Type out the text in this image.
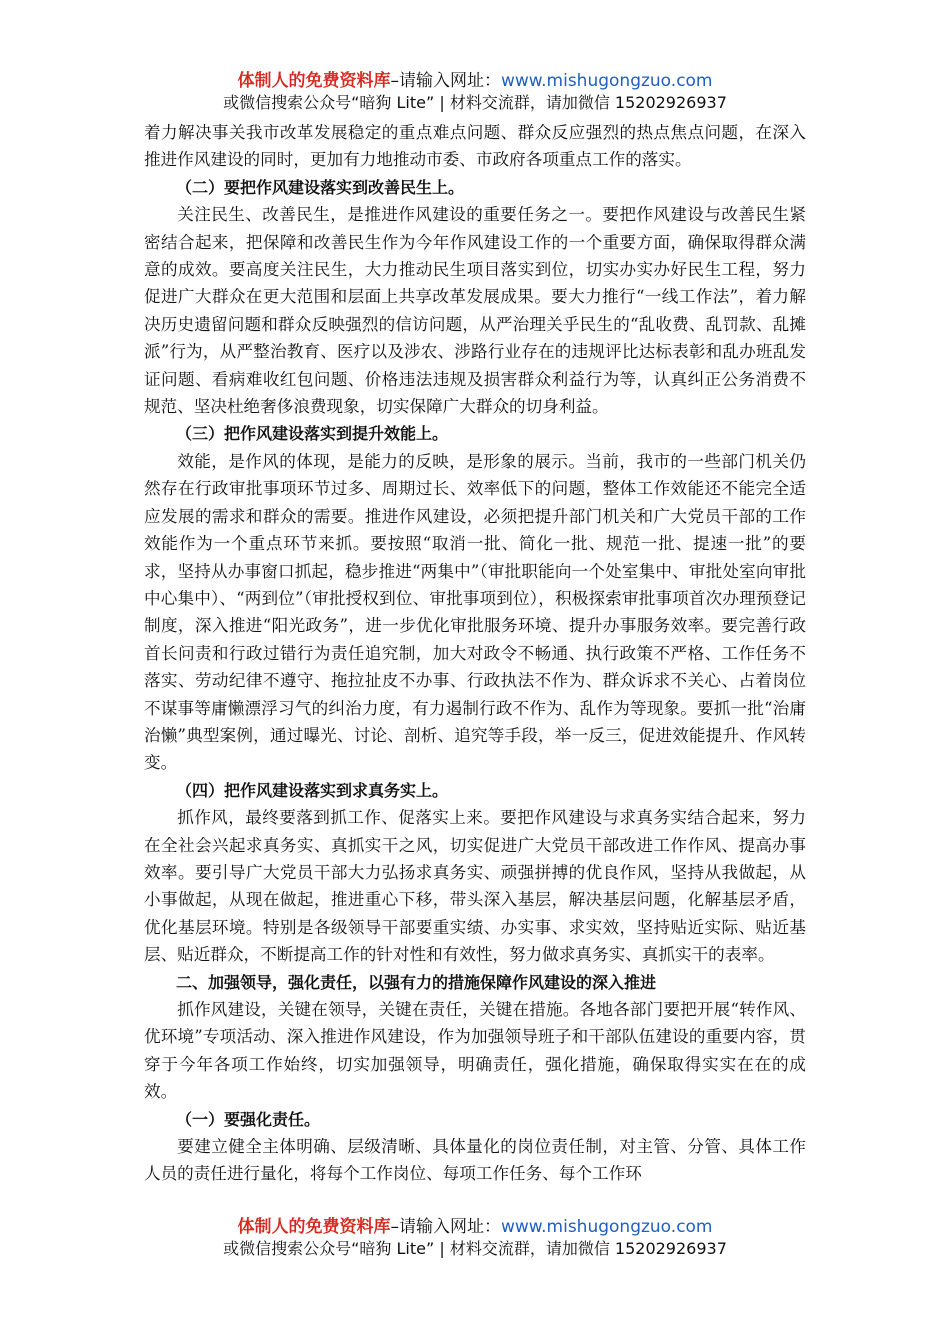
体制人的免费资料库–请输入网址：www.mishugongzuo.com
或微信搜索公众号“暗狗 Lite” | 材料交流群，请加微信 15202926937

着力解决事关我市改革发展稳定的重点难点问题、群众反应强烈的热点焦点问题，在深入推进作风建设的同时，更加有力地推动市委、市政府各项重点工作的落实。

（二）要把作风建设落实到改善民生上。

关注民生、改善民生，是推进作风建设的重要任务之一。要把作风建设与改善民生紧密结合起来，把保障和改善民生作为今年作风建设工作的一个重要方面，确保取得群众满意的成效。要高度关注民生，大力推动民生项目落实到位，切实办实办好民生工程，努力促进广大群众在更大范围和层面上共享改革发展成果。要大力推行“一线工作法”，着力解决历史遗留问题和群众反映强烈的信访问题，从严治理关乎民生的“乱收费、乱罚款、乱摊派”行为，从严整治教育、医疗以及涉农、涉路行业存在的违规评比达标表彰和乱办班乱发证问题、看病难收红包问题、价格违法违规及损害群众利益行为等，认真纠正公务消费不规范、坚决杜绝奢侈浪费现象，切实保障广大群众的切身利益。

（三）把作风建设落实到提升效能上。

效能，是作风的体现，是能力的反映，是形象的展示。当前，我市的一些部门机关仍然存在行政审批事项环节过多、周期过长、效率低下的问题，整体工作效能还不能完全适应发展的需求和群众的需要。推进作风建设，必须把提升部门机关和广大党员干部的工作效能作为一个重点环节来抓。要按照“取消一批、简化一批、规范一批、提速一批”的要求，坚持从办事窗口抓起，稳步推进“两集中”（审批职能向一个处室集中、审批处室向审批中心集中）、“两到位”（审批授权到位、审批事项到位），积极探索审批事项首次办理预登记制度，深入推进“阳光政务”，进一步优化审批服务环境、提升办事服务效率。要完善行政首长问责和行政过错行为责任追究制，加大对政令不畅通、执行政策不严格、工作任务不落实、劳动纪律不遵守、拖拉扯皮不办事、行政执法不作为、群众诉求不关心、占着岗位不谋事等庸懒漂浮习气的纠治力度，有力遏制行政不作为、乱作为等现象。要抓一批“治庸治懒”典型案例，通过曝光、讨论、剖析、追究等手段，举一反三，促进效能提升、作风转变。

（四）把作风建设落实到求真务实上。

抓作风，最终要落到抓工作、促落实上来。要把作风建设与求真务实结合起来，努力在全社会兴起求真务实、真抓实干之风，切实促进广大党员干部改进工作作风、提高办事效率。要引导广大党员干部大力弘扬求真务实、顽强拼搏的优良作风，坚持从我做起，从小事做起，从现在做起，推进重心下移，带头深入基层，解决基层问题，化解基层矛盾，优化基层环境。特别是各级领导干部要重实绩、办实事、求实效，坚持贴近实际、贴近基层、贴近群众，不断提高工作的针对性和有效性，努力做求真务实、真抓实干的表率。

二、加强领导，强化责任，以强有力的措施保障作风建设的深入推进

抓作风建设，关键在领导，关键在责任，关键在措施。各地各部门要把开展“转作风、优环境”专项活动、深入推进作风建设，作为加强领导班子和干部队伍建设的重要内容，贯穿于今年各项工作始终，切实加强领导，明确责任，强化措施，确保取得实实在在的成效。

（一）要强化责任。

要建立健全主体明确、层级清晰、具体量化的岗位责任制，对主管、分管、具体工作人员的责任进行量化，将每个工作岗位、每项工作任务、每个工作环

体制人的免费资料库–请输入网址：www.mishugongzuo.com
或微信搜索公众号“暗狗 Lite” | 材料交流群，请加微信 15202926937
